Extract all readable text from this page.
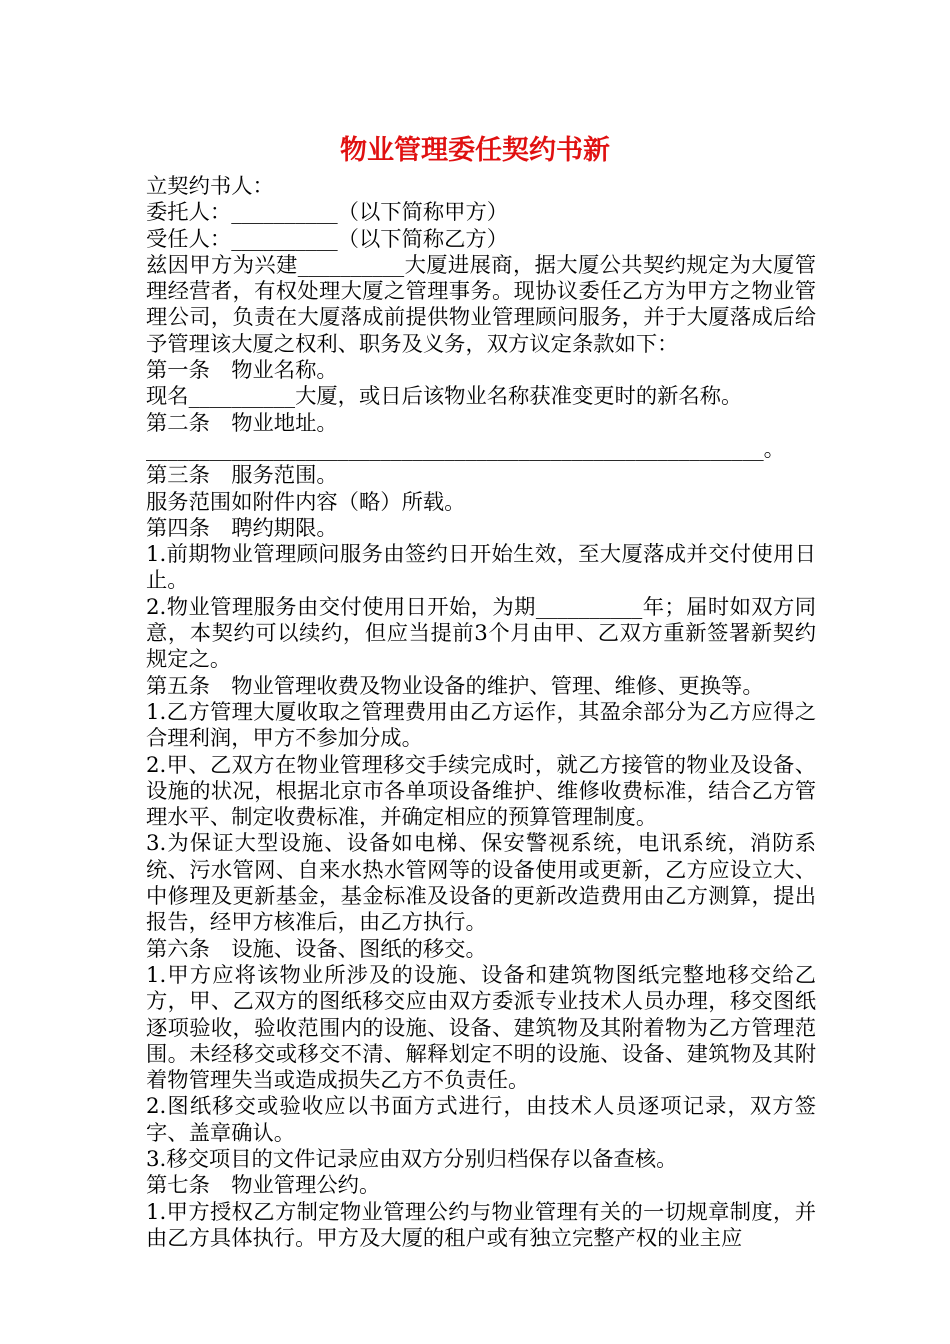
物业管理委任契约书新

立契约书人：

委托人：__________（以下简称甲方）

受任人：__________（以下简称乙方）

兹因甲方为兴建__________大厦进展商，据大厦公共契约规定为大厦管理经营者，有权处理大厦之管理事务。现协议委任乙方为甲方之物业管理公司，负责在大厦落成前提供物业管理顾问服务，并于大厦落成后给予管理该大厦之权利、职务及义务，双方议定条款如下：

第一条　物业名称。

现名__________大厦，或日后该物业名称获准变更时的新名称。

第二条　物业地址。

__________________________________________________________。

第三条　服务范围。

服务范围如附件内容（略）所载。

第四条　聘约期限。

1.前期物业管理顾问服务由签约日开始生效，至大厦落成并交付使用日止。

2.物业管理服务由交付使用日开始，为期__________年；届时如双方同意，本契约可以续约，但应当提前3个月由甲、乙双方重新签署新契约规定之。

第五条　物业管理收费及物业设备的维护、管理、维修、更换等。

1.乙方管理大厦收取之管理费用由乙方运作，其盈余部分为乙方应得之合理利润，甲方不参加分成。

2.甲、乙双方在物业管理移交手续完成时，就乙方接管的物业及设备、设施的状况，根据北京市各单项设备维护、维修收费标准，结合乙方管理水平、制定收费标准，并确定相应的预算管理制度。

3.为保证大型设施、设备如电梯、保安警视系统，电讯系统，消防系统、污水管网、自来水热水管网等的设备使用或更新，乙方应设立大、中修理及更新基金，基金标准及设备的更新改造费用由乙方测算，提出报告，经甲方核准后，由乙方执行。

第六条　设施、设备、图纸的移交。

1.甲方应将该物业所涉及的设施、设备和建筑物图纸完整地移交给乙方，甲、乙双方的图纸移交应由双方委派专业技术人员办理，移交图纸逐项验收，验收范围内的设施、设备、建筑物及其附着物为乙方管理范围。未经移交或移交不清、解释划定不明的设施、设备、建筑物及其附着物管理失当或造成损失乙方不负责任。

2.图纸移交或验收应以书面方式进行，由技术人员逐项记录，双方签字、盖章确认。

3.移交项目的文件记录应由双方分别归档保存以备查核。

第七条　物业管理公约。

1.甲方授权乙方制定物业管理公约与物业管理有关的一切规章制度，并由乙方具体执行。甲方及大厦的租户或有独立完整产权的业主应
